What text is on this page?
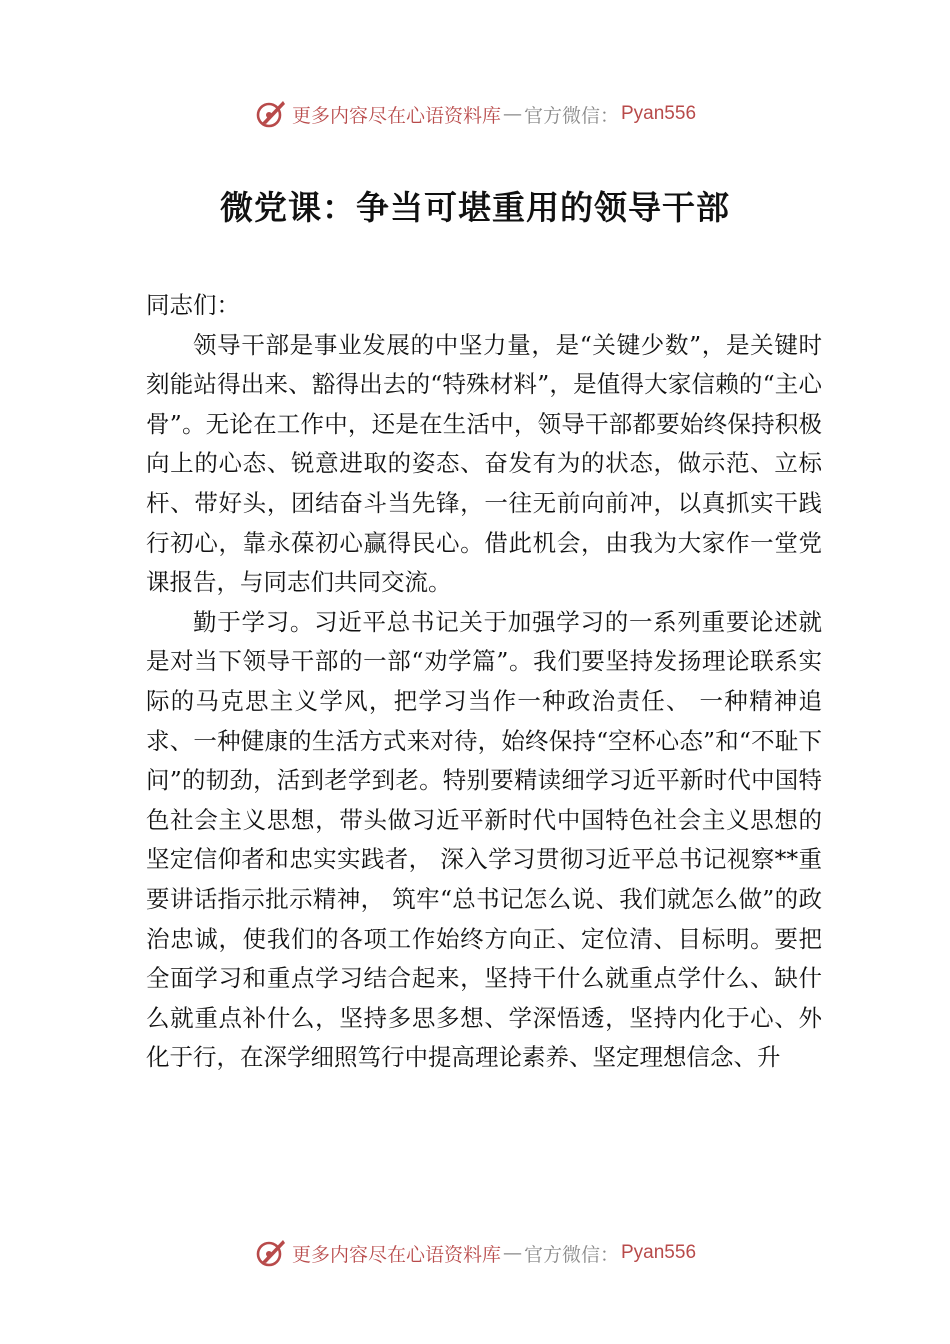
更多内容尽在心语资料库 — 官方微信： Pyan556
微党课：争当可堪重用的领导干部

同志们：

领导干部是事业发展的中坚力量，是“关键少数”，是关键时刻能站得出来、豁得出去的“特殊材料”，是值得大家信赖的“主心骨”。无论在工作中，还是在生活中，领导干部都要始终保持积极向上的心态、锐意进取的姿态、奋发有为的状态，做示范、立标杆、带好头，团结奋斗当先锋，一往无前向前冲，以真抓实干践行初心，靠永葆初心赢得民心。借此机会，由我为大家作一堂党课报告，与同志们共同交流。

勤于学习。习近平总书记关于加强学习的一系列重要论述就是对当下领导干部的一部“劝学篇”。我们要坚持发扬理论联系实际的马克思主义学风，把学习当作一种政治责任、 一种精神追求、一种健康的生活方式来对待，始终保持“空杯心态”和“不耻下问”的韧劲，活到老学到老。特别要精读细学习近平新时代中国特色社会主义思想，带头做习近平新时代中国特色社会主义思想的坚定信仰者和忠实实践者， 深入学习贯彻习近平总书记视察**重要讲话指示批示精神， 筑牢“总书记怎么说、我们就怎么做”的政治忠诚，使我们的各项工作始终方向正、定位清、目标明。要把全面学习和重点学习结合起来，坚持干什么就重点学什么、缺什么就重点补什么，坚持多思多想、学深悟透，坚持内化于心、外化于行，在深学细照笃行中提高理论素养、坚定理想信念、升

更多内容尽在心语资料库 — 官方微信： Pyan556
